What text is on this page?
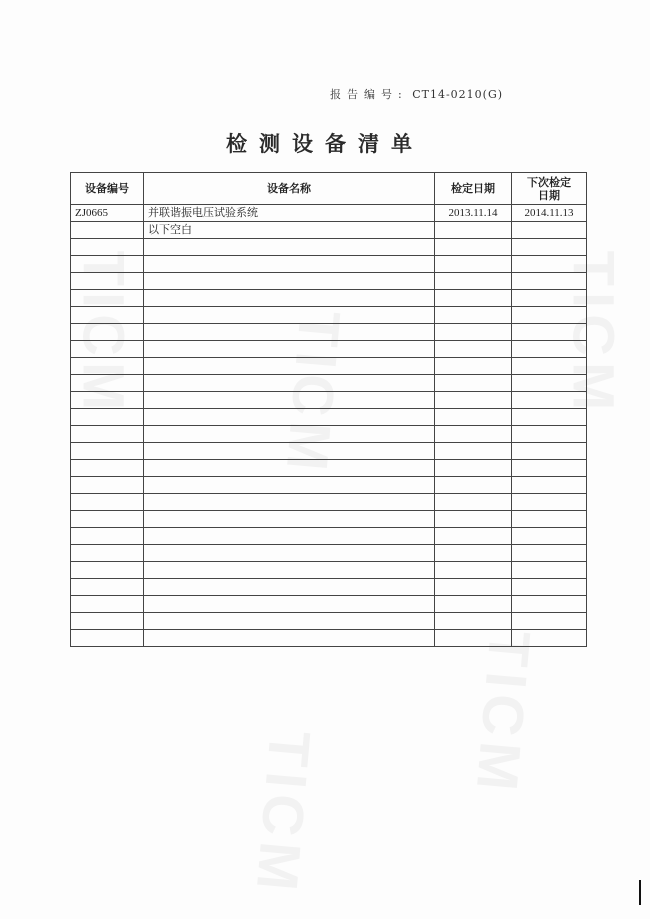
报告编号: CT14-0210(G)
检测设备清单
设备编号	设备名称	检定日期	下次检定
日期
ZJ0665	并联谐振电压试验系统	2013.11.14	2014.11.13
	以下空白		
